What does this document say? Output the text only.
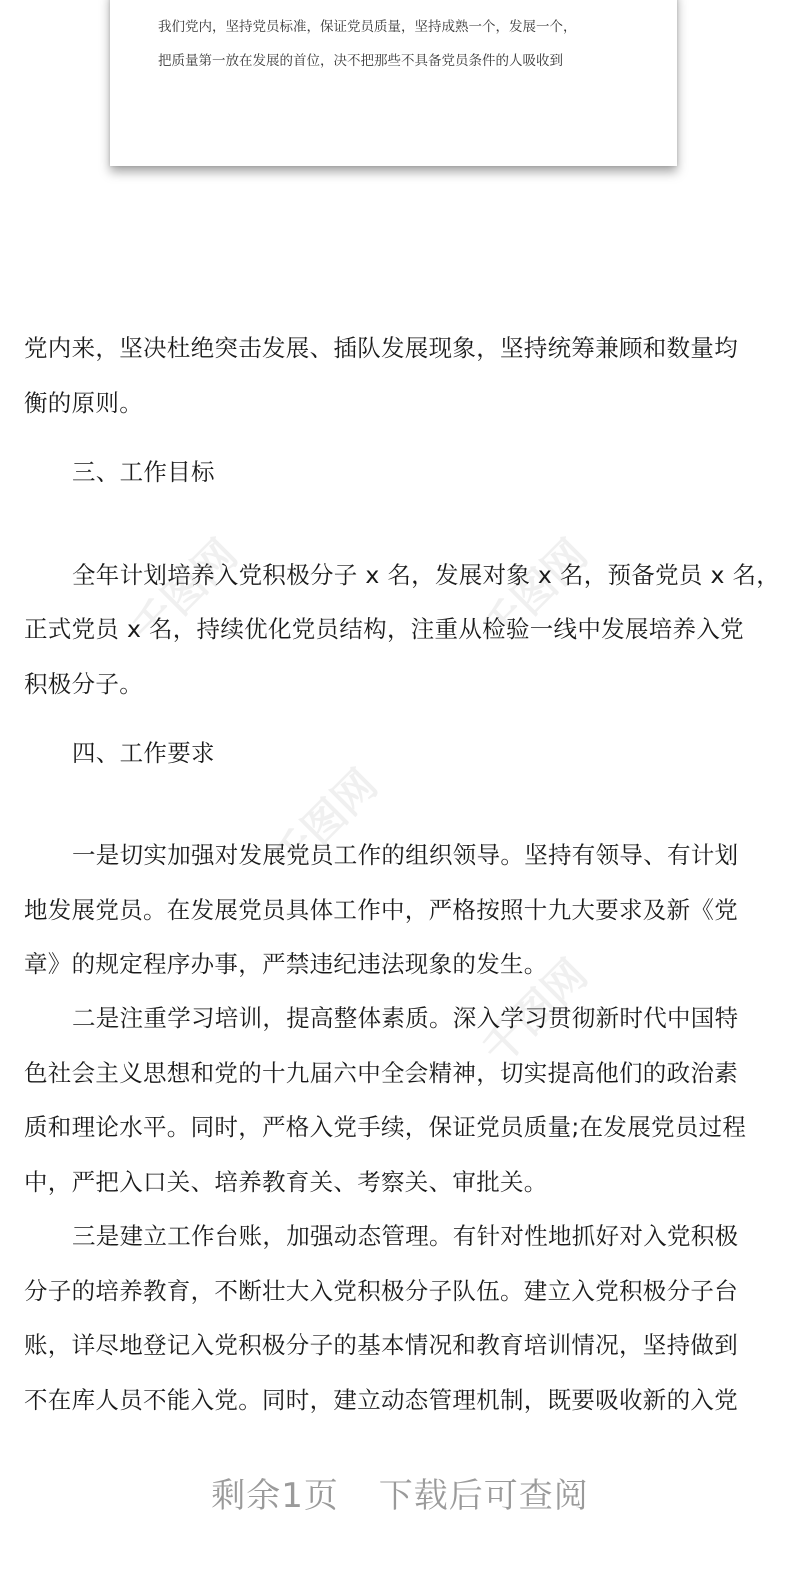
我们党内，坚持党员标准，保证党员质量，坚持成熟一个，发展一个，
把质量第一放在发展的首位，决不把那些不具备党员条件的人吸收到
千图网	千图网
千图网
千图网
党内来，坚决杜绝突击发展、插队发展现象，坚持统筹兼顾和数量均
衡的原则。
三、工作目标
全年计划培养入党积极分子 x 名，发展对象 x 名，预备党员 x 名，
正式党员 x 名，持续优化党员结构，注重从检验一线中发展培养入党
积极分子。
四、工作要求
一是切实加强对发展党员工作的组织领导。坚持有领导、有计划
地发展党员。在发展党员具体工作中，严格按照十九大要求及新《党
章》的规定程序办事，严禁违纪违法现象的发生。
二是注重学习培训，提高整体素质。深入学习贯彻新时代中国特
色社会主义思想和党的十九届六中全会精神，切实提高他们的政治素
质和理论水平。同时，严格入党手续，保证党员质量;在发展党员过程
中，严把入口关、培养教育关、考察关、审批关。
三是建立工作台账，加强动态管理。有针对性地抓好对入党积极
分子的培养教育，不断壮大入党积极分子队伍。建立入党积极分子台
账，详尽地登记入党积极分子的基本情况和教育培训情况，坚持做到
不在库人员不能入党。同时，建立动态管理机制，既要吸收新的入党
剩余1页 下载后可查阅
